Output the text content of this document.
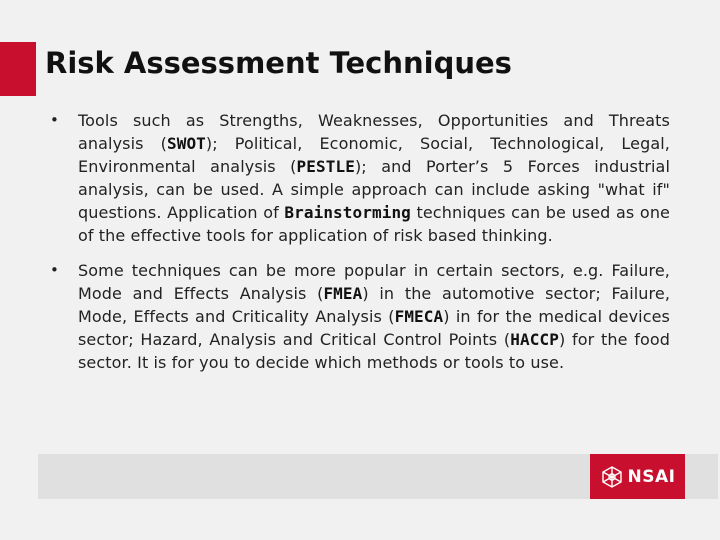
Risk Assessment Techniques
• Tools such as Strengths, Weaknesses, Opportunities and Threats analysis (SWOT); Political, Economic, Social, Technological, Legal, Environmental analysis (PESTLE); and Porter’s 5 Forces industrial analysis, can be used. A simple approach can include asking "what if" questions. Application of Brainstorming techniques can be used as one of the effective tools for application of risk based thinking.

• Some techniques can be more popular in certain sectors, e.g. Failure, Mode and Effects Analysis (FMEA) in the automotive sector; Failure, Mode, Effects and Criticality Analysis (FMECA) in for the medical devices sector; Hazard, Analysis and Critical Control Points (HACCP) for the food sector. It is for you to decide which methods or tools to use.

NSAI
